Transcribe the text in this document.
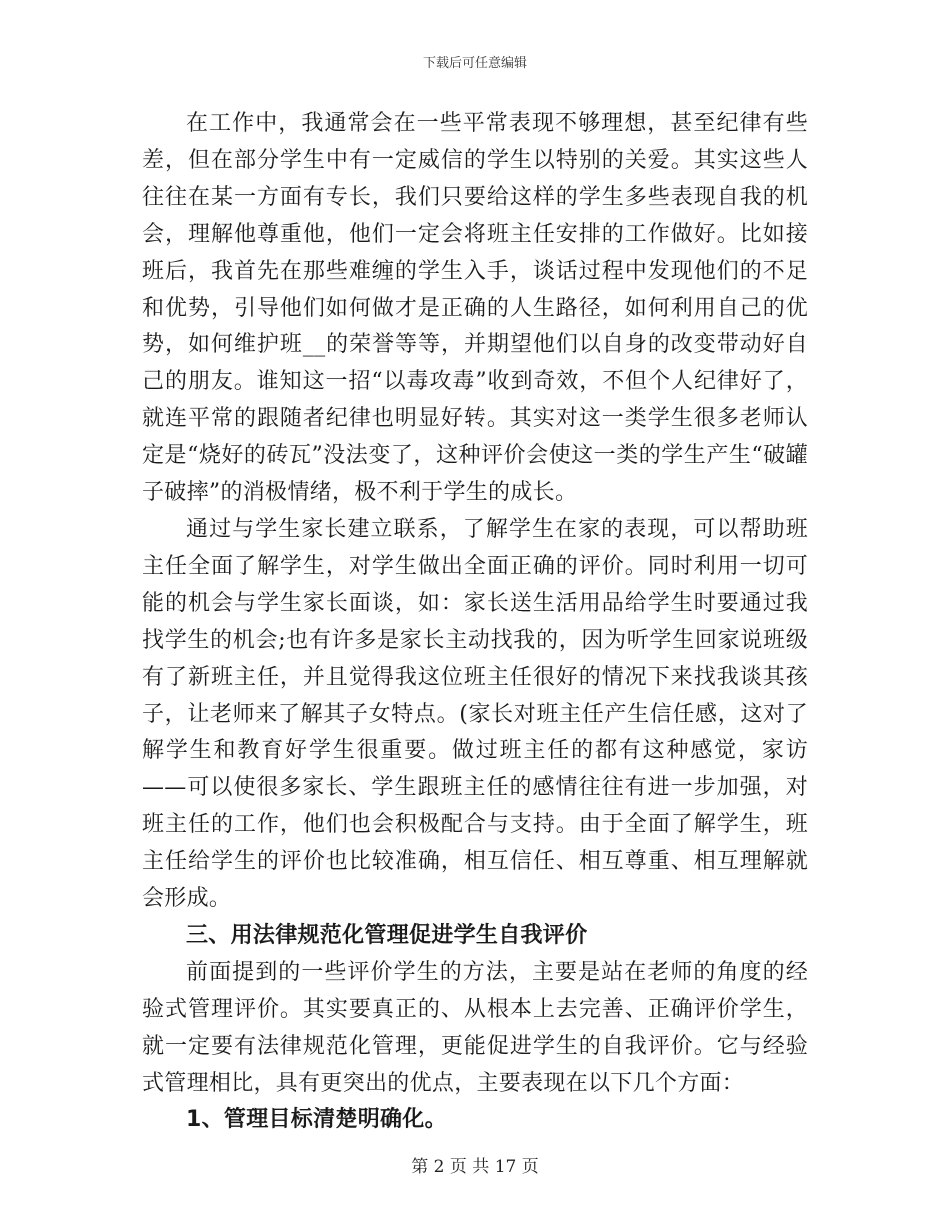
下载后可任意编辑

在工作中，我通常会在一些平常表现不够理想，甚至纪律有些差，但在部分学生中有一定威信的学生以特别的关爱。其实这些人往往在某一方面有专长，我们只要给这样的学生多些表现自我的机会，理解他尊重他，他们一定会将班主任安排的工作做好。比如接班后，我首先在那些难缠的学生入手，谈话过程中发现他们的不足和优势，引导他们如何做才是正确的人生路径，如何利用自己的优势，如何维护班__的荣誉等等，并期望他们以自身的改变带动好自己的朋友。谁知这一招“以毒攻毒”收到奇效，不但个人纪律好了，就连平常的跟随者纪律也明显好转。其实对这一类学生很多老师认定是“烧好的砖瓦”没法变了，这种评价会使这一类的学生产生“破罐子破摔”的消极情绪，极不利于学生的成长。

通过与学生家长建立联系，了解学生在家的表现，可以帮助班主任全面了解学生，对学生做出全面正确的评价。同时利用一切可能的机会与学生家长面谈，如：家长送生活用品给学生时要通过我找学生的机会;也有许多是家长主动找我的，因为听学生回家说班级有了新班主任，并且觉得我这位班主任很好的情况下来找我谈其孩子，让老师来了解其子女特点。(家长对班主任产生信任感，这对了解学生和教育好学生很重要。做过班主任的都有这种感觉，家访——可以使很多家长、学生跟班主任的感情往往有进一步加强，对班主任的工作，他们也会积极配合与支持。由于全面了解学生，班主任给学生的评价也比较准确，相互信任、相互尊重、相互理解就会形成。

三、用法律规范化管理促进学生自我评价

前面提到的一些评价学生的方法，主要是站在老师的角度的经验式管理评价。其实要真正的、从根本上去完善、正确评价学生，就一定要有法律规范化管理，更能促进学生的自我评价。它与经验式管理相比，具有更突出的优点，主要表现在以下几个方面：

1、管理目标清楚明确化。

第 2 页 共 17 页
